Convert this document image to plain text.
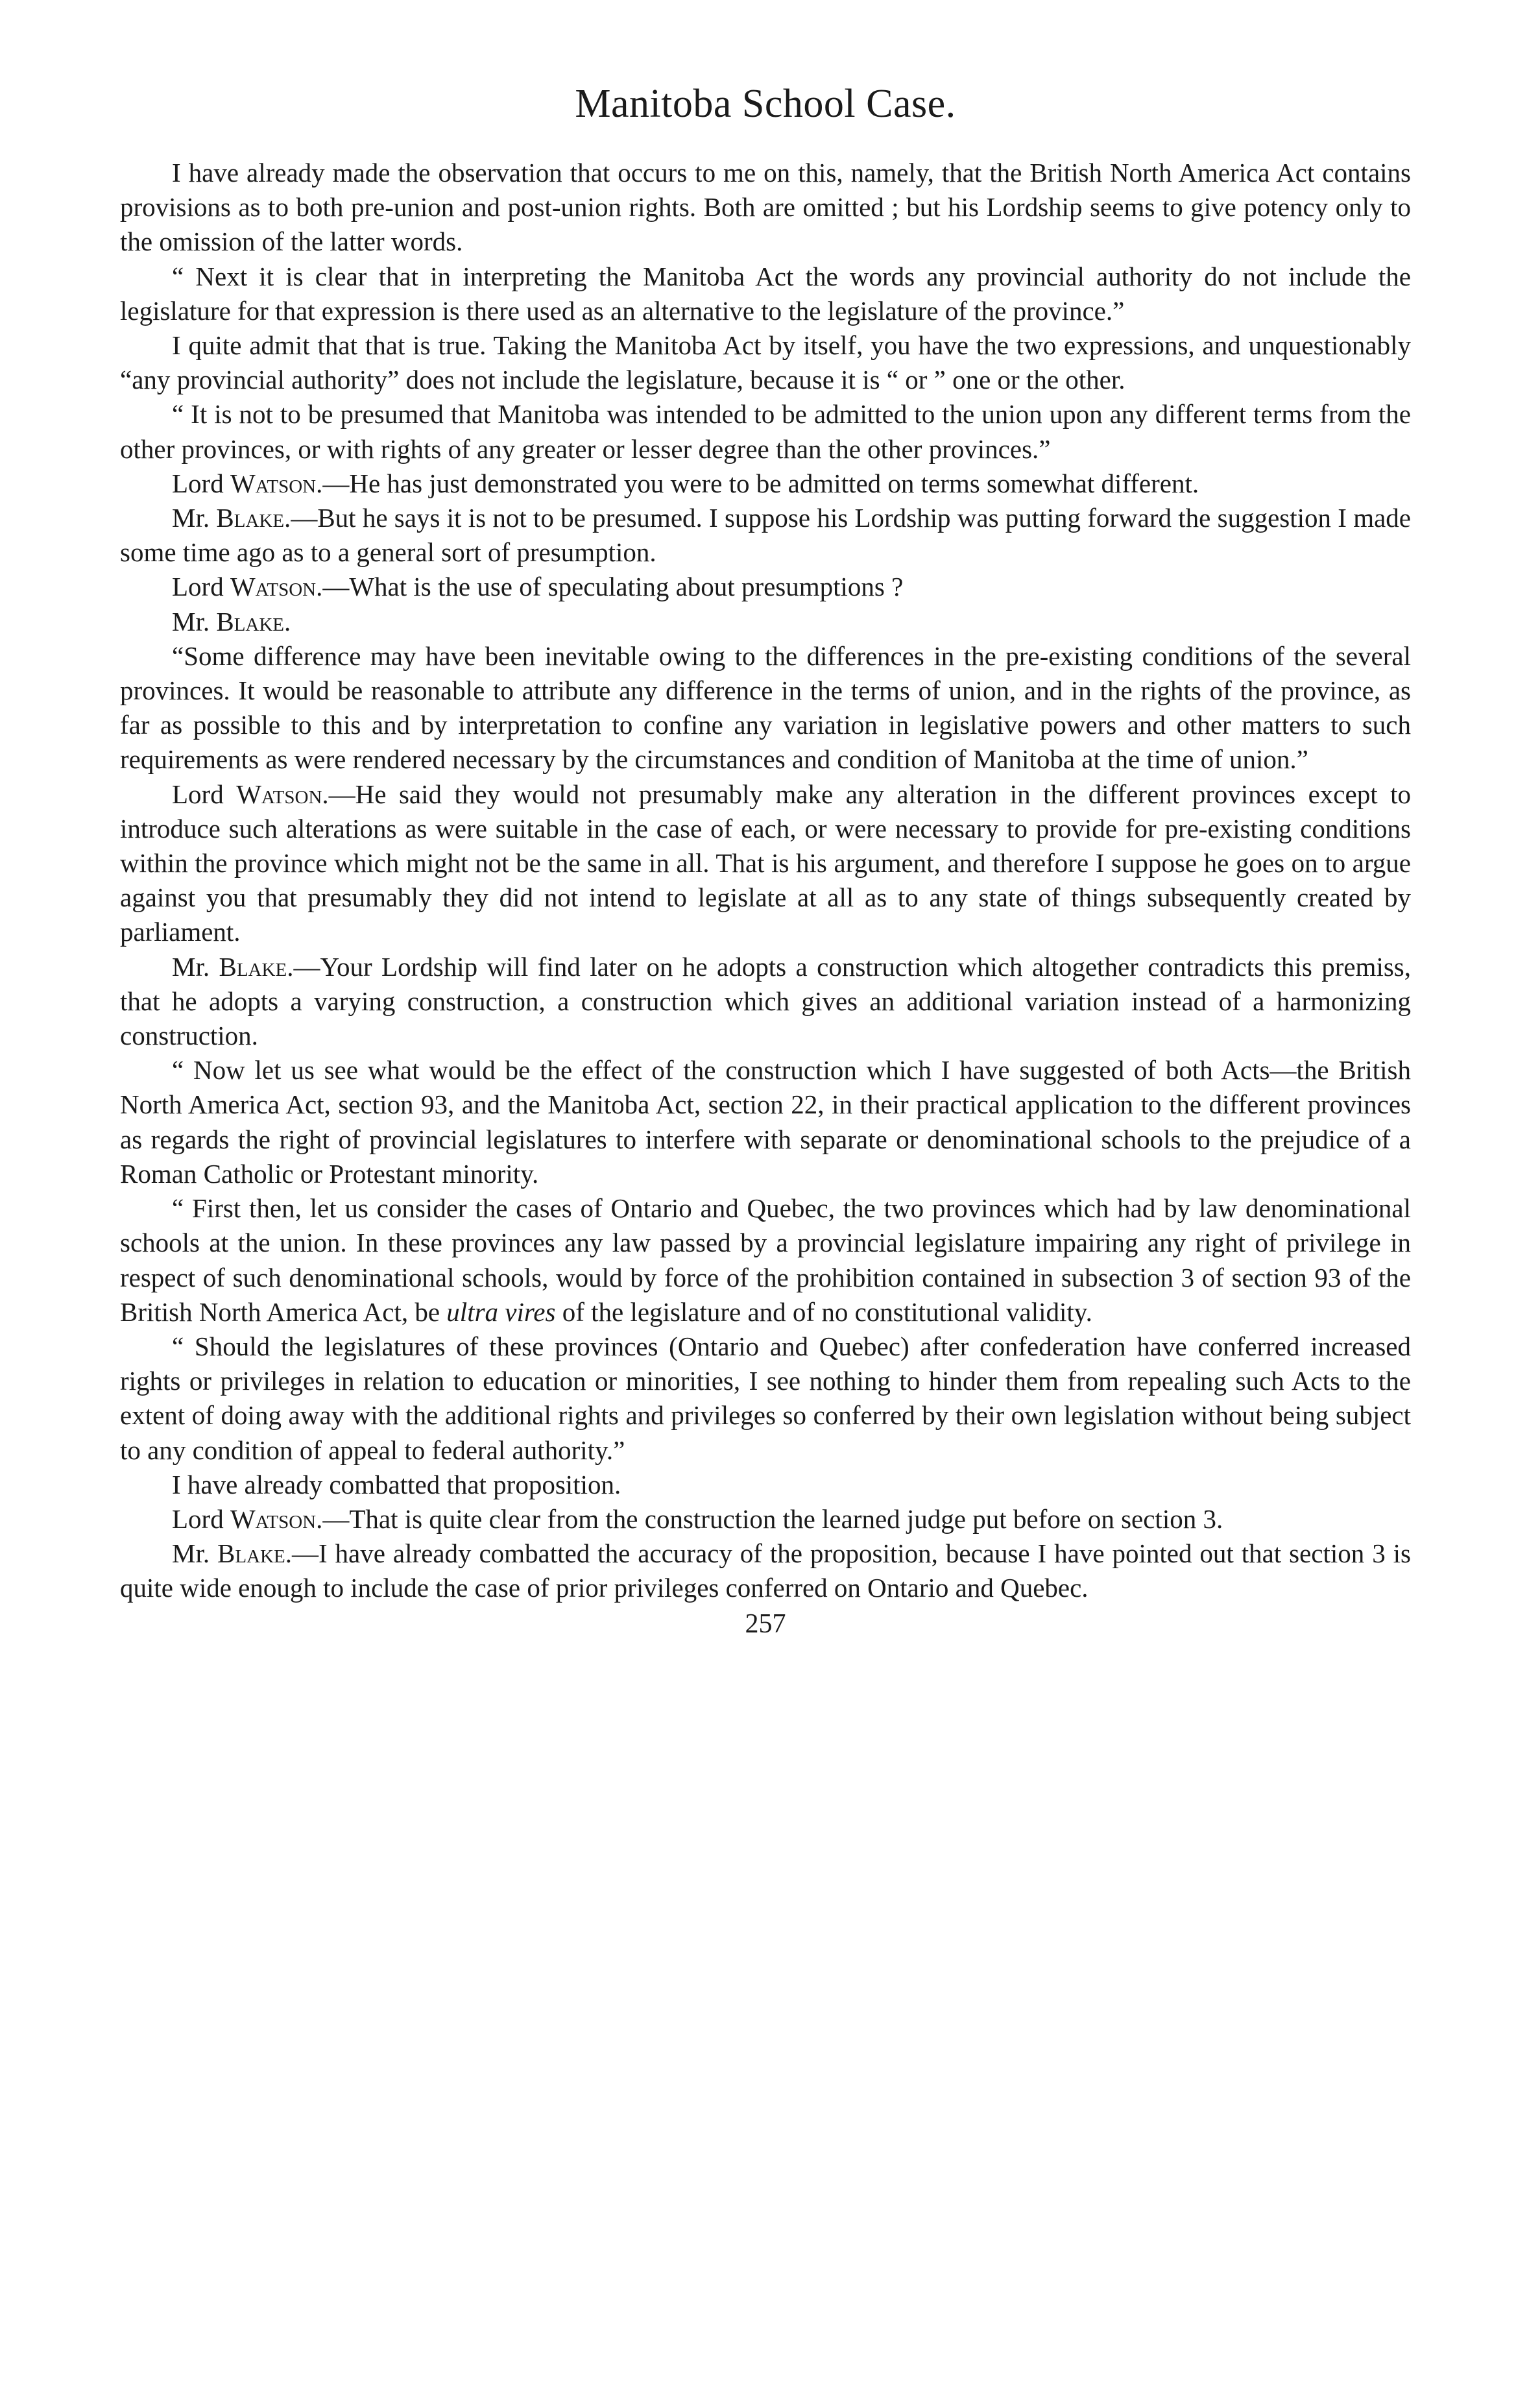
Manitoba School Case.

I have already made the observation that occurs to me on this, namely, that the British North America Act contains provisions as to both pre-union and post-union rights. Both are omitted ; but his Lordship seems to give potency only to the omission of the latter words.

“ Next it is clear that in interpreting the Manitoba Act the words any provincial authority do not include the legislature for that expression is there used as an alternative to the legislature of the province.”

I quite admit that that is true. Taking the Manitoba Act by itself, you have the two expressions, and unquestionably “any provincial authority” does not include the legislature, because it is “ or ” one or the other.

“ It is not to be presumed that Manitoba was intended to be admitted to the union upon any different terms from the other provinces, or with rights of any greater or lesser degree than the other provinces.”

Lord Watson.—He has just demonstrated you were to be admitted on terms somewhat different.

Mr. Blake.—But he says it is not to be presumed. I suppose his Lordship was putting forward the suggestion I made some time ago as to a general sort of presumption.

Lord Watson.—What is the use of speculating about presumptions ?

Mr. Blake.

“Some difference may have been inevitable owing to the differences in the pre-existing conditions of the several provinces. It would be reasonable to attribute any difference in the terms of union, and in the rights of the province, as far as possible to this and by interpretation to confine any variation in legislative powers and other matters to such requirements as were rendered necessary by the circumstances and condition of Manitoba at the time of union.”

Lord Watson.—He said they would not presumably make any alteration in the different provinces except to introduce such alterations as were suitable in the case of each, or were necessary to provide for pre-existing conditions within the province which might not be the same in all. That is his argument, and therefore I suppose he goes on to argue against you that presumably they did not intend to legislate at all as to any state of things subsequently created by parliament.

Mr. Blake.—Your Lordship will find later on he adopts a construction which altogether contradicts this premiss, that he adopts a varying construction, a construction which gives an additional variation instead of a harmonizing construction.

“ Now let us see what would be the effect of the construction which I have suggested of both Acts—the British North America Act, section 93, and the Manitoba Act, section 22, in their practical application to the different provinces as regards the right of provincial legislatures to interfere with separate or denominational schools to the prejudice of a Roman Catholic or Protestant minority.

“ First then, let us consider the cases of Ontario and Quebec, the two provinces which had by law denominational schools at the union. In these provinces any law passed by a provincial legislature impairing any right of privilege in respect of such denominational schools, would by force of the prohibition contained in subsection 3 of section 93 of the British North America Act, be ultra vires of the legislature and of no constitutional validity.

“ Should the legislatures of these provinces (Ontario and Quebec) after confederation have conferred increased rights or privileges in relation to education or minorities, I see nothing to hinder them from repealing such Acts to the extent of doing away with the additional rights and privileges so conferred by their own legislation without being subject to any condition of appeal to federal authority.”

I have already combatted that proposition.

Lord Watson.—That is quite clear from the construction the learned judge put before on section 3.

Mr. Blake.—I have already combatted the accuracy of the proposition, because I have pointed out that section 3 is quite wide enough to include the case of prior privileges conferred on Ontario and Quebec.

257
